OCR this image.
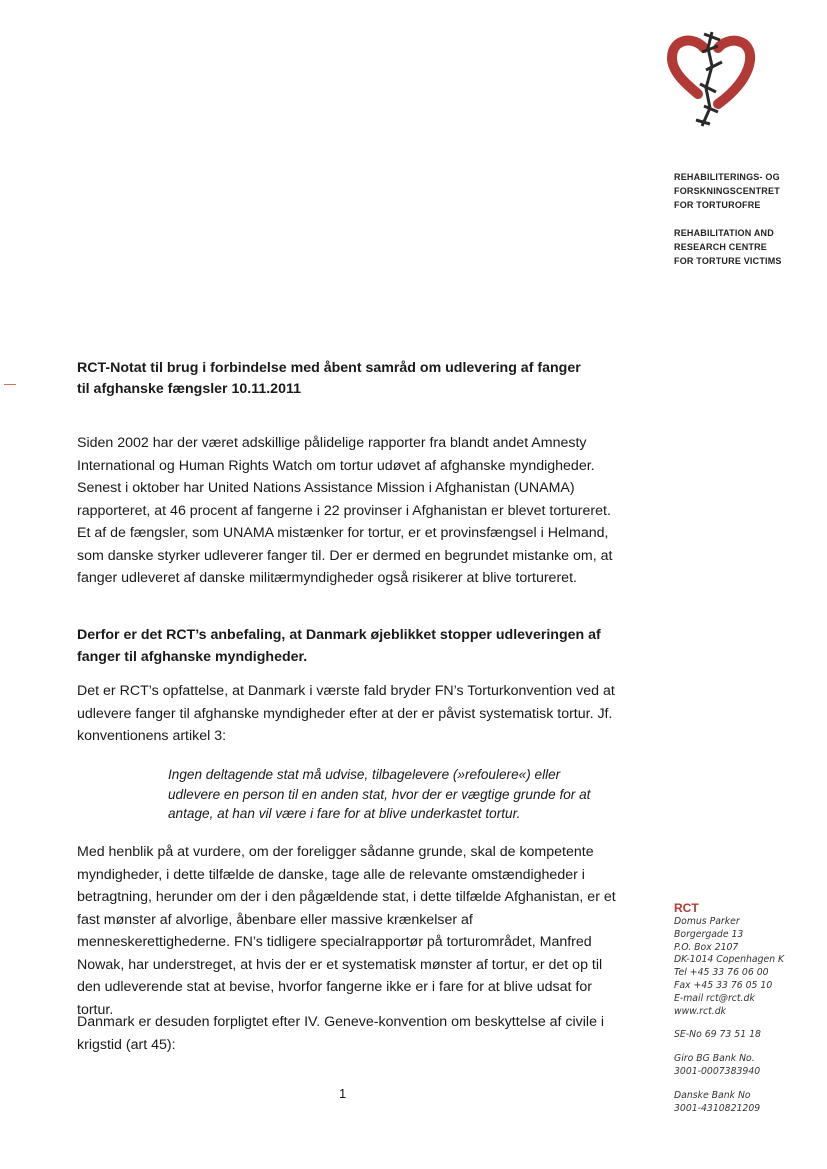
REHABILITERINGS- OG
FORSKNINGSCENTRET
FOR TORTUROFRE
REHABILITATION AND
RESEARCH CENTRE
FOR TORTURE VICTIMS
RCT-Notat til brug i forbindelse med åbent samråd om udlevering af fanger til afghanske fængsler 10.11.2011

Siden 2002 har der været adskillige pålidelige rapporter fra blandt andet Amnesty International og Human Rights Watch om tortur udøvet af afghanske myndigheder. Senest i oktober har United Nations Assistance Mission i Afghanistan (UNAMA) rapporteret, at 46 procent af fangerne i 22 provinser i Afghanistan er blevet tortureret. Et af de fængsler, som UNAMA mistænker for tortur, er et provinsfængsel i Helmand, som danske styrker udleverer fanger til. Der er dermed en begrundet mistanke om, at fanger udleveret af danske militærmyndigheder også risikerer at blive tortureret.

Derfor er det RCT’s anbefaling, at Danmark øjeblikket stopper udleveringen af fanger til afghanske myndigheder.

Det er RCT’s opfattelse, at Danmark i værste fald bryder FN’s Torturkonvention ved at udlevere fanger til afghanske myndigheder efter at der er påvist systematisk tortur. Jf. konventionens artikel 3:

Ingen deltagende stat må udvise, tilbagelevere (»refoulere«) eller udlevere en person til en anden stat, hvor der er vægtige grunde for at antage, at han vil være i fare for at blive underkastet tortur.

Med henblik på at vurdere, om der foreligger sådanne grunde, skal de kompetente myndigheder, i dette tilfælde de danske, tage alle de relevante omstændigheder i betragtning, herunder om der i den pågældende stat, i dette tilfælde Afghanistan, er et fast mønster af alvorlige, åbenbare eller massive krænkelser af menneskerettighederne. FN’s tidligere specialrapportør på torturområdet, Manfred Nowak, har understreget, at hvis der er et systematisk mønster af tortur, er det op til den udleverende stat at bevise, hvorfor fangerne ikke er i fare for at blive udsat for tortur.

Danmark er desuden forpligtet efter IV. Geneve-konvention om beskyttelse af civile i krigstid (art 45):

1
RCT
Domus Parker
Borgergade 13
P.O. Box 2107
DK-1014 Copenhagen K
Tel +45 33 76 06 00
Fax +45 33 76 05 10
E-mail rct@rct.dk
www.rct.dk
SE-No 69 73 51 18
Giro BG Bank No.
3001-0007383940
Danske Bank No
3001-4310821209
